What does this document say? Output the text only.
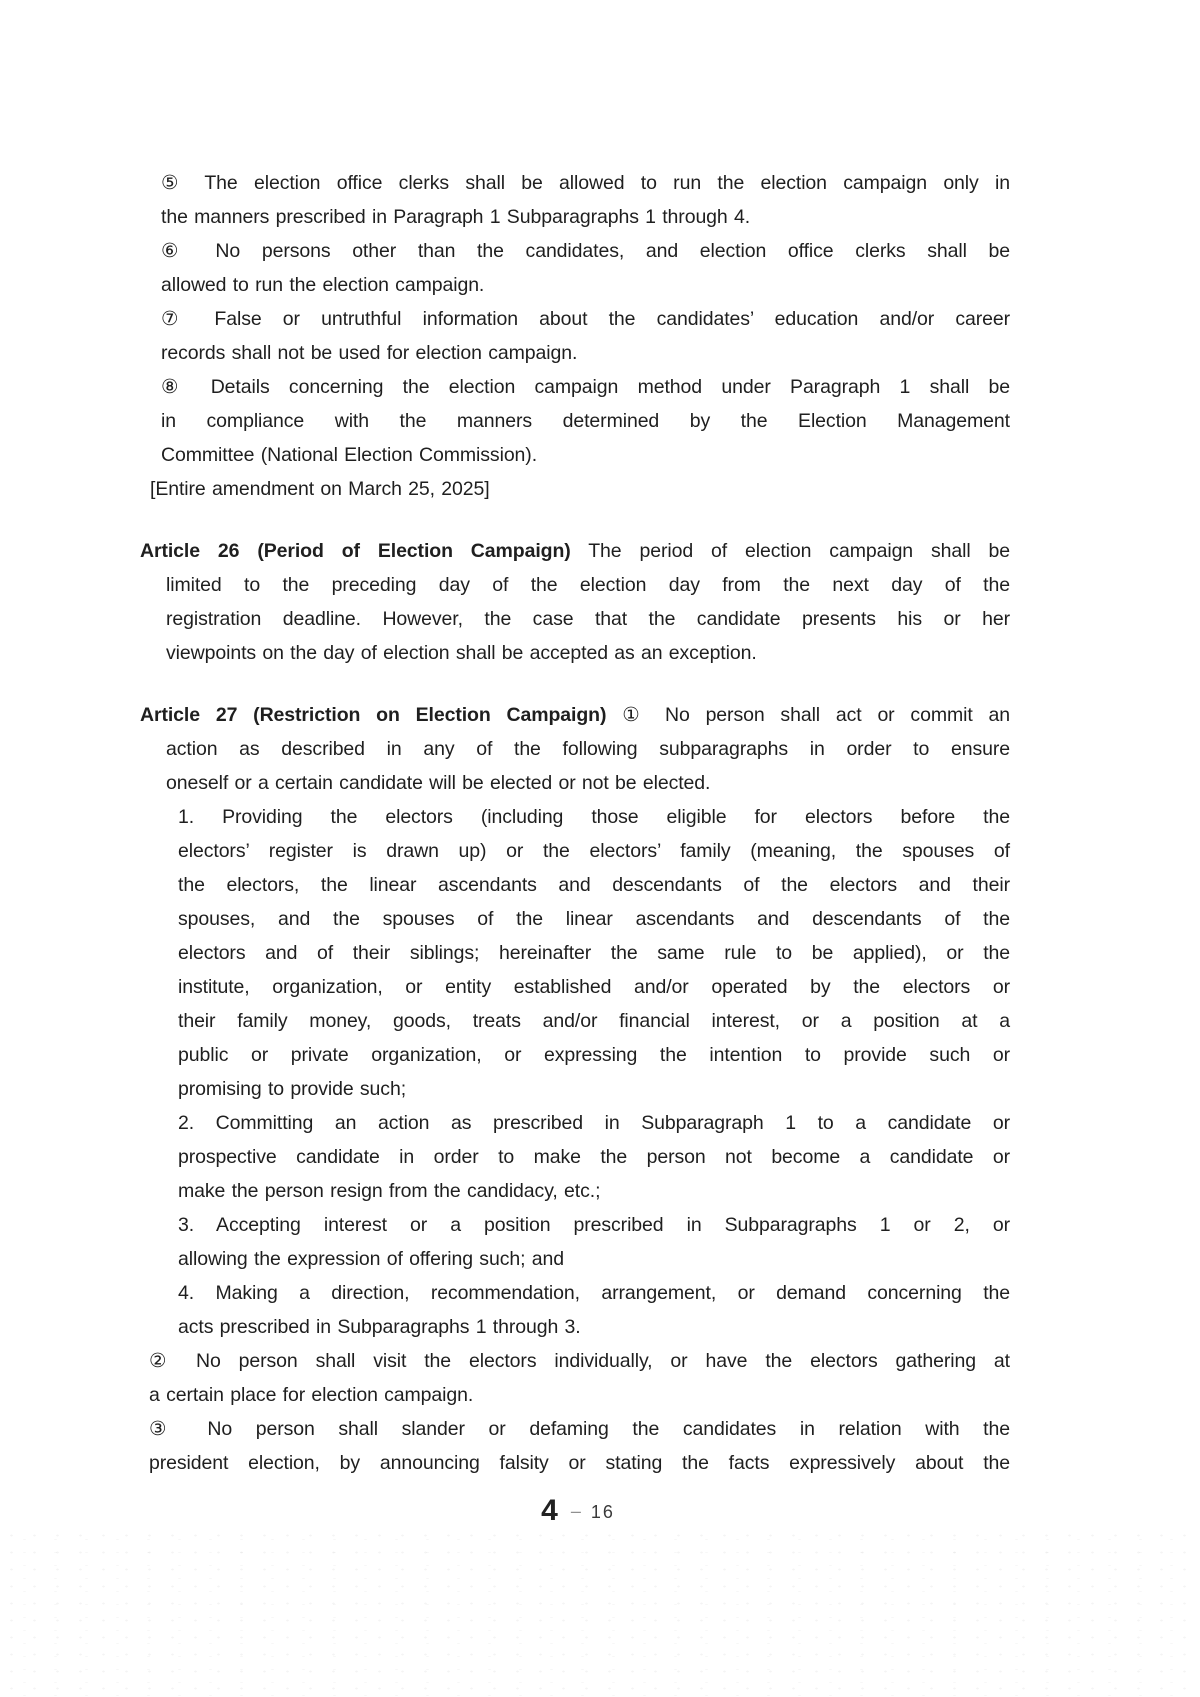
⑤ The election office clerks shall be allowed to run the election campaign only in
the manners prescribed in Paragraph 1 Subparagraphs 1 through 4.
⑥ No persons other than the candidates, and election office clerks shall be
allowed to run the election campaign.
⑦ False or untruthful information about the candidates’ education and/or career
records shall not be used for election campaign.
⑧ Details concerning the election campaign method under Paragraph 1 shall be
in compliance with the manners determined by the Election Management
Committee (National Election Commission).
[Entire amendment on March 25, 2025]
Article 26 (Period of Election Campaign) The period of election campaign shall be
limited to the preceding day of the election day from the next day of the
registration deadline. However, the case that the candidate presents his or her
viewpoints on the day of election shall be accepted as an exception.
Article 27 (Restriction on Election Campaign) ① No person shall act or commit an
action as described in any of the following subparagraphs in order to ensure
oneself or a certain candidate will be elected or not be elected.
1. Providing the electors (including those eligible for electors before the
electors’ register is drawn up) or the electors’ family (meaning, the spouses of
the electors, the linear ascendants and descendants of the electors and their
spouses, and the spouses of the linear ascendants and descendants of the
electors and of their siblings; hereinafter the same rule to be applied), or the
institute, organization, or entity established and/or operated by the electors or
their family money, goods, treats and/or financial interest, or a position at a
public or private organization, or expressing the intention to provide such or
promising to provide such;
2. Committing an action as prescribed in Subparagraph 1 to a candidate or
prospective candidate in order to make the person not become a candidate or
make the person resign from the candidacy, etc.;
3. Accepting interest or a position prescribed in Subparagraphs 1 or 2, or
allowing the expression of offering such; and
4. Making a direction, recommendation, arrangement, or demand concerning the
acts prescribed in Subparagraphs 1 through 3.
② No person shall visit the electors individually, or have the electors gathering at
a certain place for election campaign.
③ No person shall slander or defaming the candidates in relation with the
president election, by announcing falsity or stating the facts expressively about the
4 – 16
